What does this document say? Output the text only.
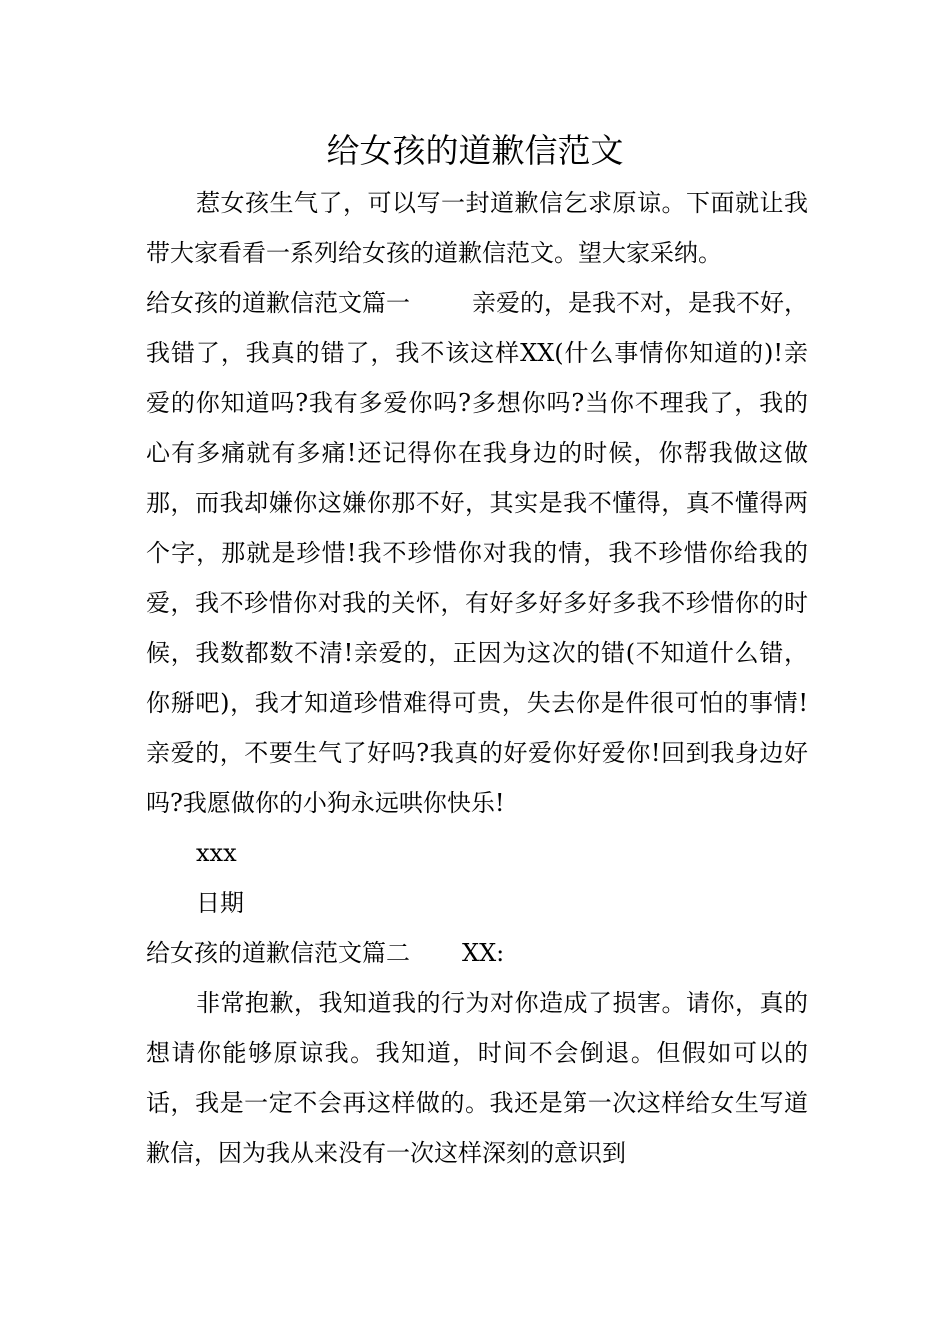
给女孩的道歉信范文

惹女孩生气了，可以写一封道歉信乞求原谅。下面就让我带大家看看一系列给女孩的道歉信范文。望大家采纳。

给女孩的道歉信范文篇一	亲爱的，是我不对，是我不好，我错了，我真的错了，我不该这样XX(什么事情你知道的)!亲爱的你知道吗?我有多爱你吗?多想你吗?当你不理我了，我的心有多痛就有多痛!还记得你在我身边的时候，你帮我做这做那，而我却嫌你这嫌你那不好，其实是我不懂得，真不懂得两个字，那就是珍惜!我不珍惜你对我的情，我不珍惜你给我的爱，我不珍惜你对我的关怀，有好多好多好多我不珍惜你的时候，我数都数不清!亲爱的，正因为这次的错(不知道什么错，你掰吧)，我才知道珍惜难得可贵，失去你是件很可怕的事情!亲爱的，不要生气了好吗?我真的好爱你好爱你!回到我身边好吗?我愿做你的小狗永远哄你快乐!

xxx

日期

给女孩的道歉信范文篇二 XX:

非常抱歉，我知道我的行为对你造成了损害。请你，真的想请你能够原谅我。我知道，时间不会倒退。但假如可以的话，我是一定不会再这样做的。我还是第一次这样给女生写道歉信，因为我从来没有一次这样深刻的意识到
